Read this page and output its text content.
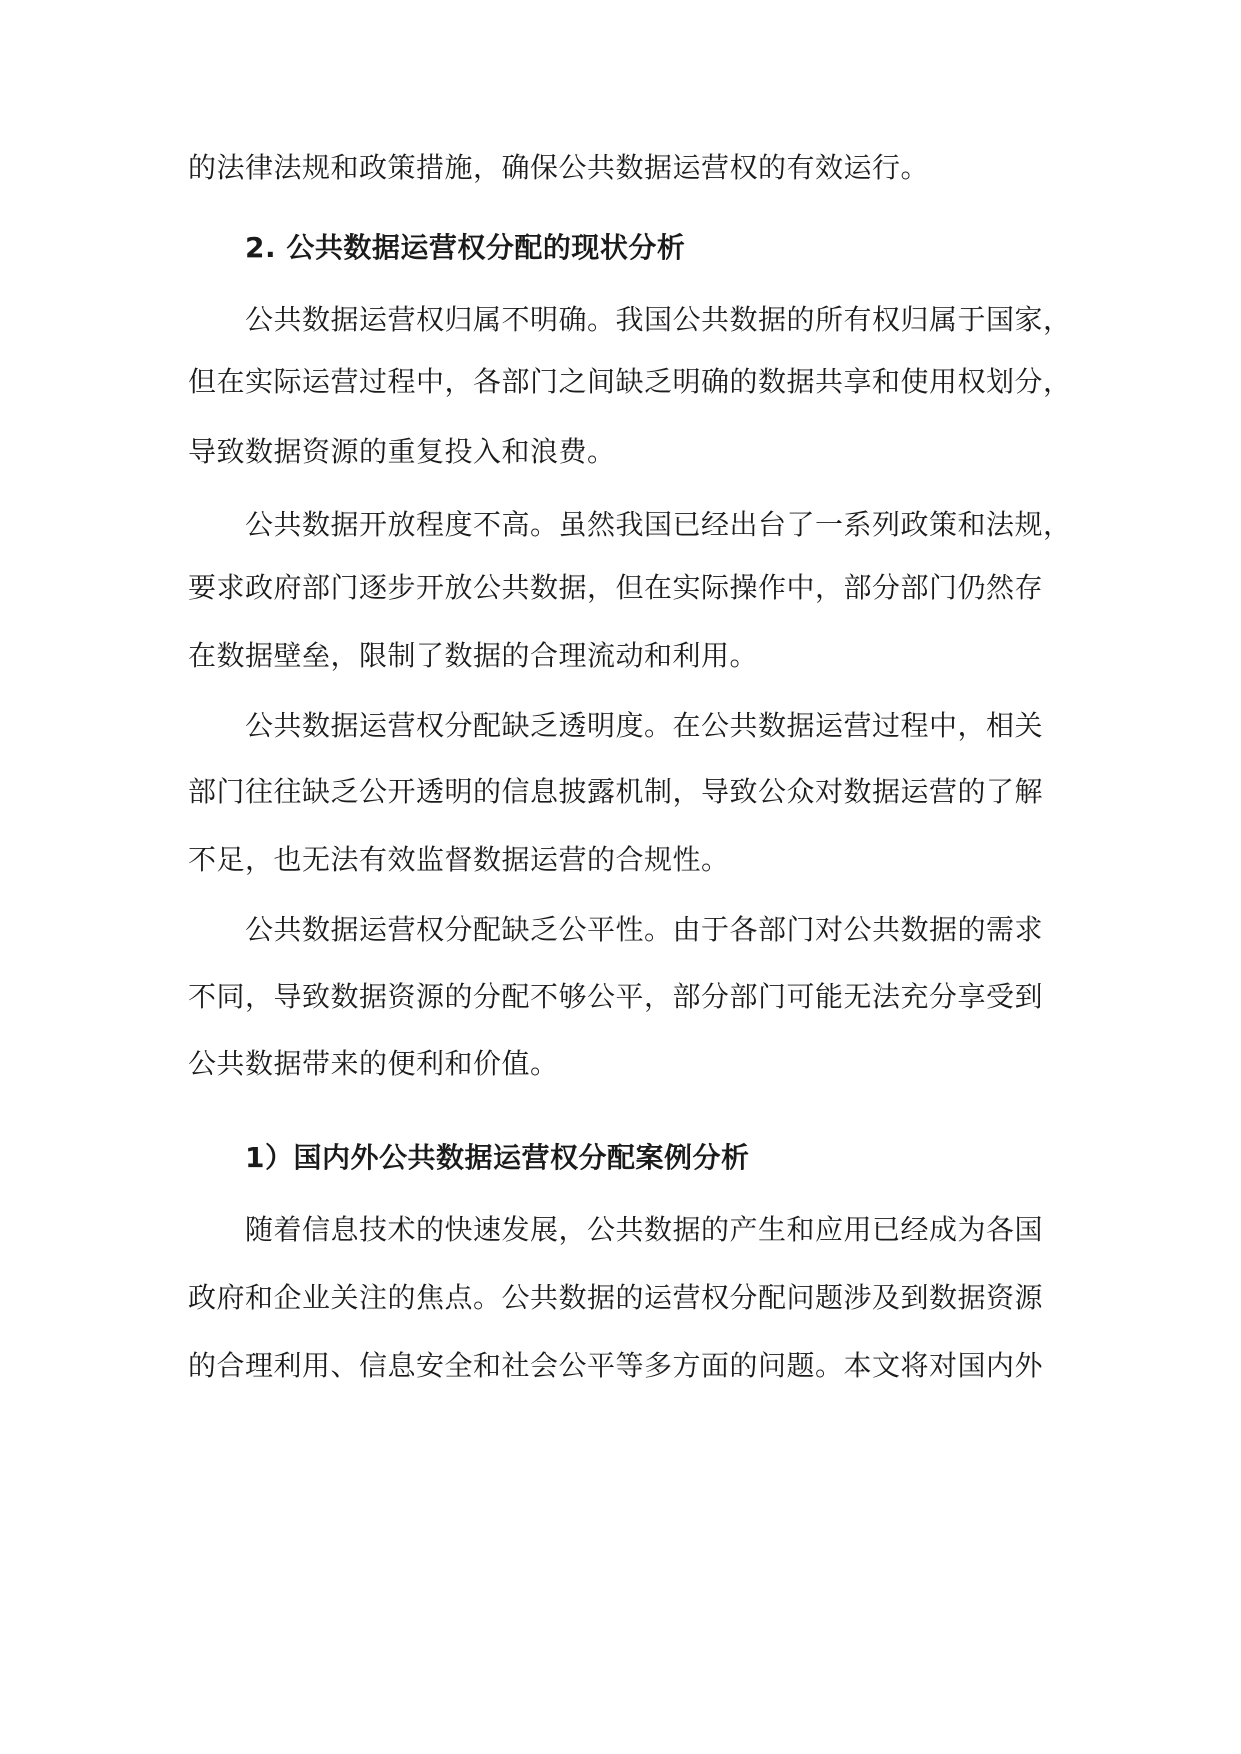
的法律法规和政策措施，确保公共数据运营权的有效运行。
2. 公共数据运营权分配的现状分析
公共数据运营权归属不明确。我国公共数据的所有权归属于国家，
但在实际运营过程中，各部门之间缺乏明确的数据共享和使用权划分，
导致数据资源的重复投入和浪费。
公共数据开放程度不高。虽然我国已经出台了一系列政策和法规，
要求政府部门逐步开放公共数据，但在实际操作中，部分部门仍然存
在数据壁垒，限制了数据的合理流动和利用。
公共数据运营权分配缺乏透明度。在公共数据运营过程中，相关
部门往往缺乏公开透明的信息披露机制，导致公众对数据运营的了解
不足，也无法有效监督数据运营的合规性。
公共数据运营权分配缺乏公平性。由于各部门对公共数据的需求
不同，导致数据资源的分配不够公平，部分部门可能无法充分享受到
公共数据带来的便利和价值。
1）国内外公共数据运营权分配案例分析
随着信息技术的快速发展，公共数据的产生和应用已经成为各国
政府和企业关注的焦点。公共数据的运营权分配问题涉及到数据资源
的合理利用、信息安全和社会公平等多方面的问题。本文将对国内外
